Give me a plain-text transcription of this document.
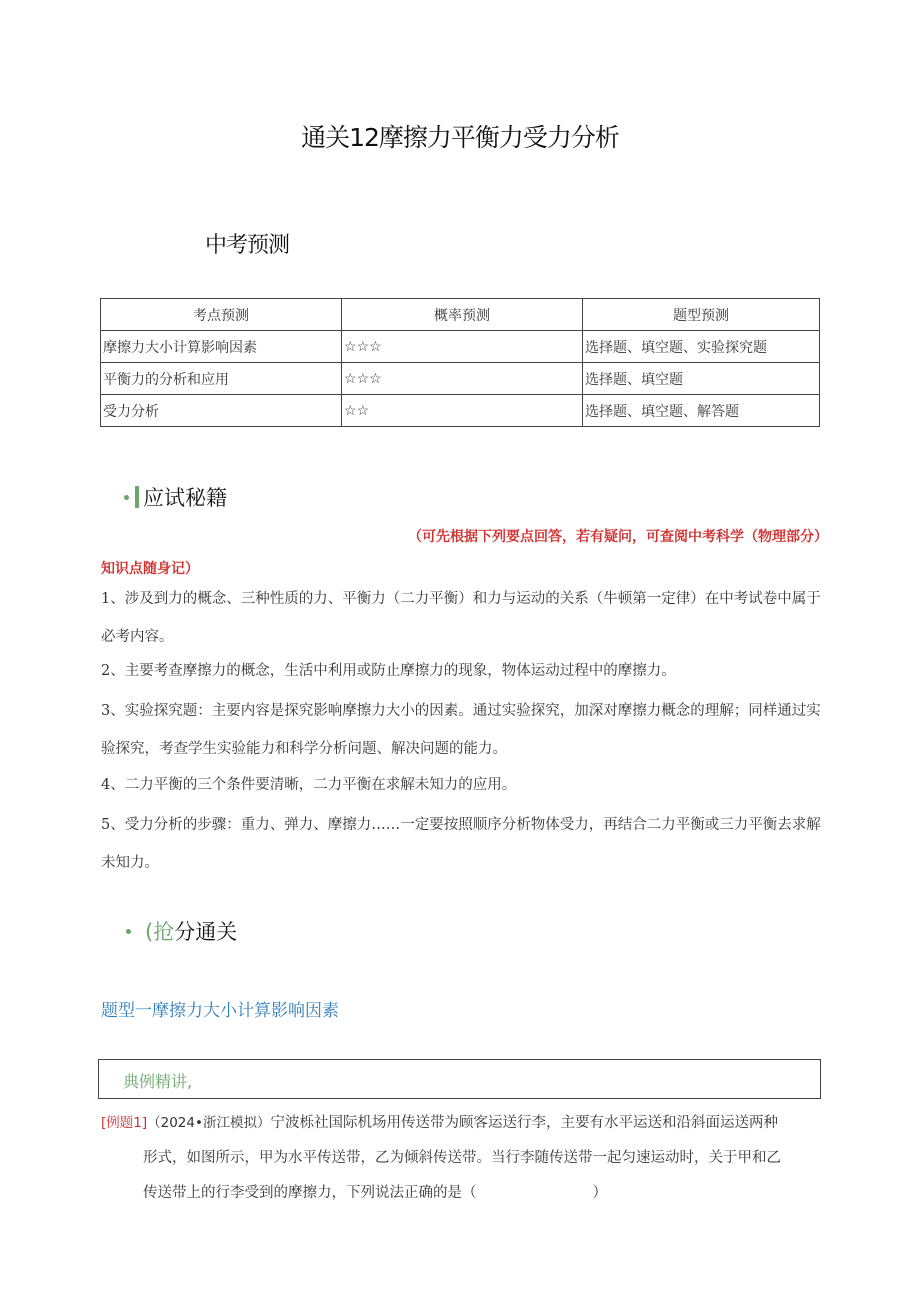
通关12摩擦力平衡力受力分析
中考预测
考点预测	概率预测	题型预测
摩擦力大小计算影响因素	☆☆☆	选择题、填空题、实验探究题
平衡力的分析和应用	☆☆☆	选择题、填空题
受力分析	☆☆	选择题、填空题、解答题
应试秘籍
（可先根据下列要点回答，若有疑问，可查阅中考科学（物理部分）
知识点随身记）
1、涉及到力的概念、三种性质的力、平衡力（二力平衡）和力与运动的关系（牛顿第一定律）在中考试卷中属于必考内容。
2、主要考查摩擦力的概念，生活中利用或防止摩擦力的现象，物体运动过程中的摩擦力。
3、实验探究题：主要内容是探究影响摩擦力大小的因素。通过实验探究，加深对摩擦力概念的理解；同样通过实验探究，考查学生实验能力和科学分析问题、解决问题的能力。
4、二力平衡的三个条件要清晰，二力平衡在求解未知力的应用。
5、受力分析的步骤：重力、弹力、摩擦力……一定要按照顺序分析物体受力，再结合二力平衡或三力平衡去求解未知力。
(抢 分通关
题型一摩擦力大小计算影响因素
典例精讲,
[例题1]（2024•浙江模拟）宁波栎社国际机场用传送带为顾客运送行李，主要有水平运送和沿斜面运送两种
形式，如图所示，甲为水平传送带，乙为倾斜传送带。当行李随传送带一起匀速运动时，关于甲和乙
传送带上的行李受到的摩擦力，下列说法正确的是（　　　　　　　　）
